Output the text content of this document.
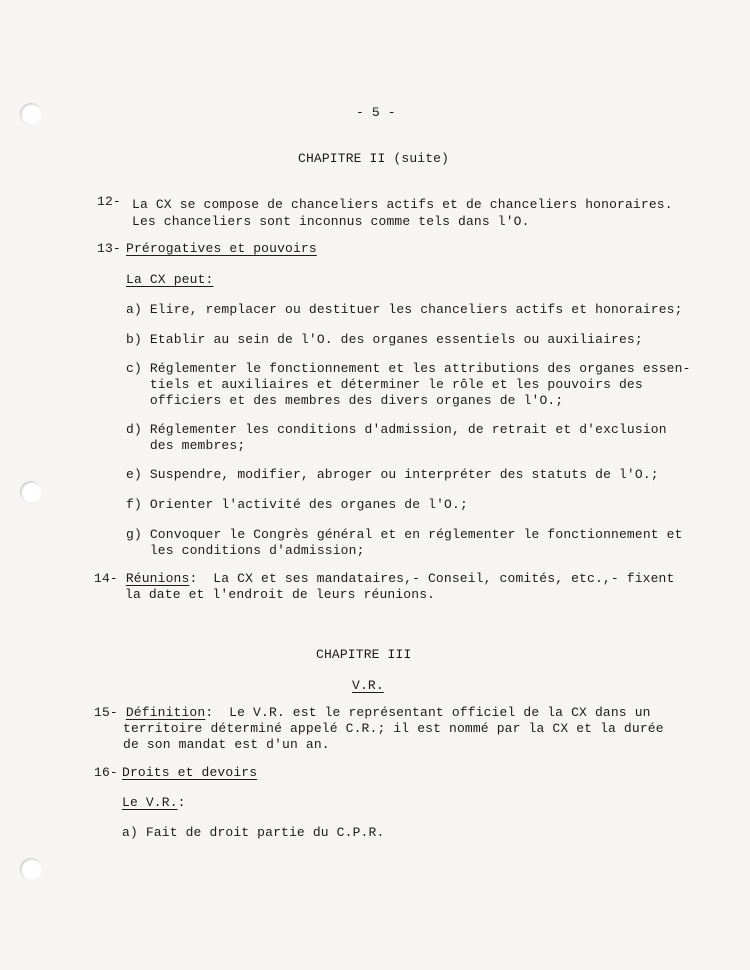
- 5 -
CHAPITRE II (suite)
12- La CX se compose de chanceliers actifs et de chanceliers honoraires.
Les chanceliers sont inconnus comme tels dans l'O.
13- Prérogatives et pouvoirs
La CX peut:
a) Elire, remplacer ou destituer les chanceliers actifs et honoraires;
b) Etablir au sein de l'O. des organes essentiels ou auxiliaires;
c) Réglementer le fonctionnement et les attributions des organes essen-
tiels et auxiliaires et déterminer le rôle et les pouvoirs des
officiers et des membres des divers organes de l'O.;
d) Réglementer les conditions d'admission, de retrait et d'exclusion
des membres;
e) Suspendre, modifier, abroger ou interpréter des statuts de l'O.;
f) Orienter l'activité des organes de l'O.;
g) Convoquer le Congrès général et en réglementer le fonctionnement et
les conditions d'admission;
14- Réunions:  La CX et ses mandataires,- Conseil, comités, etc.,- fixent
la date et l'endroit de leurs réunions.
CHAPITRE III
V.R.
15- Définition:  Le V.R. est le représentant officiel de la CX dans un
territoire déterminé appelé C.R.; il est nommé par la CX et la durée
de son mandat est d'un an.
16- Droits et devoirs
Le V.R.:
a) Fait de droit partie du C.P.R.
